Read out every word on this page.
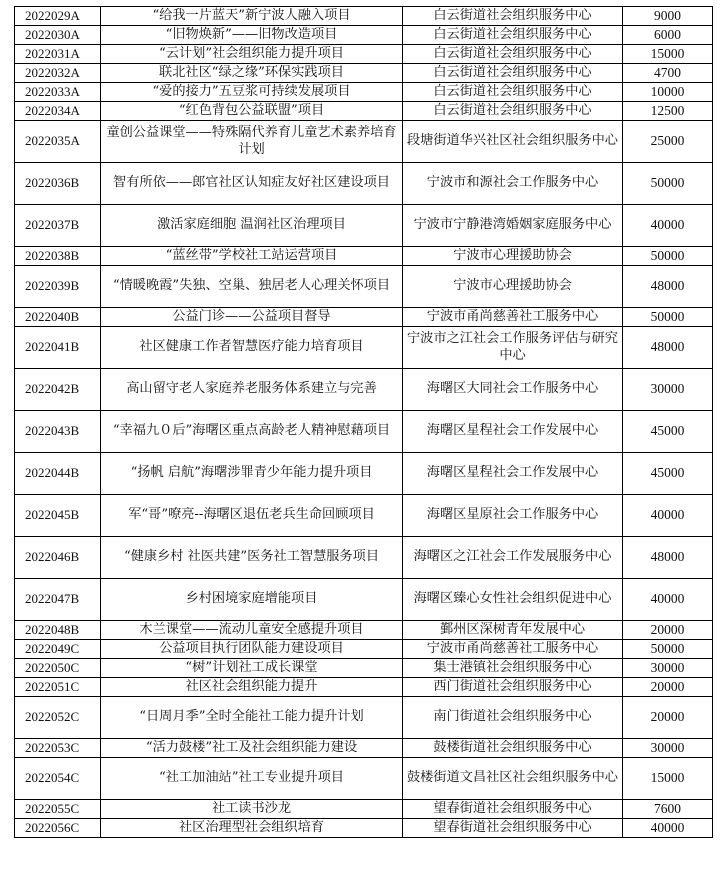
2022029A	“给我一片蓝天”新宁波人融入项目	白云街道社会组织服务中心	9000
2022030A	“旧物焕新”——旧物改造项目	白云街道社会组织服务中心	6000
2022031A	“云计划”社会组织能力提升项目	白云街道社会组织服务中心	15000
2022032A	联北社区“绿之缘”环保实践项目	白云街道社会组织服务中心	4700
2022033A	“爱的接力”五豆浆可持续发展项目	白云街道社会组织服务中心	10000
2022034A	“红色背包公益联盟”项目	白云街道社会组织服务中心	12500
2022035A	童创公益课堂——特殊隔代养育儿童艺术素养培育计划	段塘街道华兴社区社会组织服务中心	25000
2022036B	智有所依——郎官社区认知症友好社区建设项目	宁波市和源社会工作服务中心	50000
2022037B	激活家庭细胞 温润社区治理项目	宁波市宁静港湾婚姻家庭服务中心	40000
2022038B	“蓝丝带”学校社工站运营项目	宁波市心理援助协会	50000
2022039B	“情暖晚霞”失独、空巢、独居老人心理关怀项目	宁波市心理援助协会	48000
2022040B	公益门诊——公益项目督导	宁波市甬尚慈善社工服务中心	50000
2022041B	社区健康工作者智慧医疗能力培育项目	宁波市之江社会工作服务评估与研究中心	48000
2022042B	高山留守老人家庭养老服务体系建立与完善	海曙区大同社会工作服务中心	30000
2022043B	“幸福九０后”海曙区重点高龄老人精神慰藉项目	海曙区星程社会工作发展中心	45000
2022044B	“扬帆 启航”海曙涉罪青少年能力提升项目	海曙区星程社会工作发展中心	45000
2022045B	军“哥”嘹亮--海曙区退伍老兵生命回顾项目	海曙区星原社会工作服务中心	40000
2022046B	“健康乡村 社医共建”医务社工智慧服务项目	海曙区之江社会工作发展服务中心	48000
2022047B	乡村困境家庭增能项目	海曙区臻心女性社会组织促进中心	40000
2022048B	木兰课堂——流动儿童安全感提升项目	鄞州区深树青年发展中心	20000
2022049C	公益项目执行团队能力建设项目	宁波市甬尚慈善社工服务中心	50000
2022050C	“树”计划社工成长课堂	集士港镇社会组织服务中心	30000
2022051C	社区社会组织能力提升	西门街道社会组织服务中心	20000
2022052C	“日周月季”全时全能社工能力提升计划	南门街道社会组织服务中心	20000
2022053C	“活力鼓楼”社工及社会组织能力建设	鼓楼街道社会组织服务中心	30000
2022054C	“社工加油站”社工专业提升项目	鼓楼街道文昌社区社会组织服务中心	15000
2022055C	社工读书沙龙	望春街道社会组织服务中心	7600
2022056C	社区治理型社会组织培育	望春街道社会组织服务中心	40000
